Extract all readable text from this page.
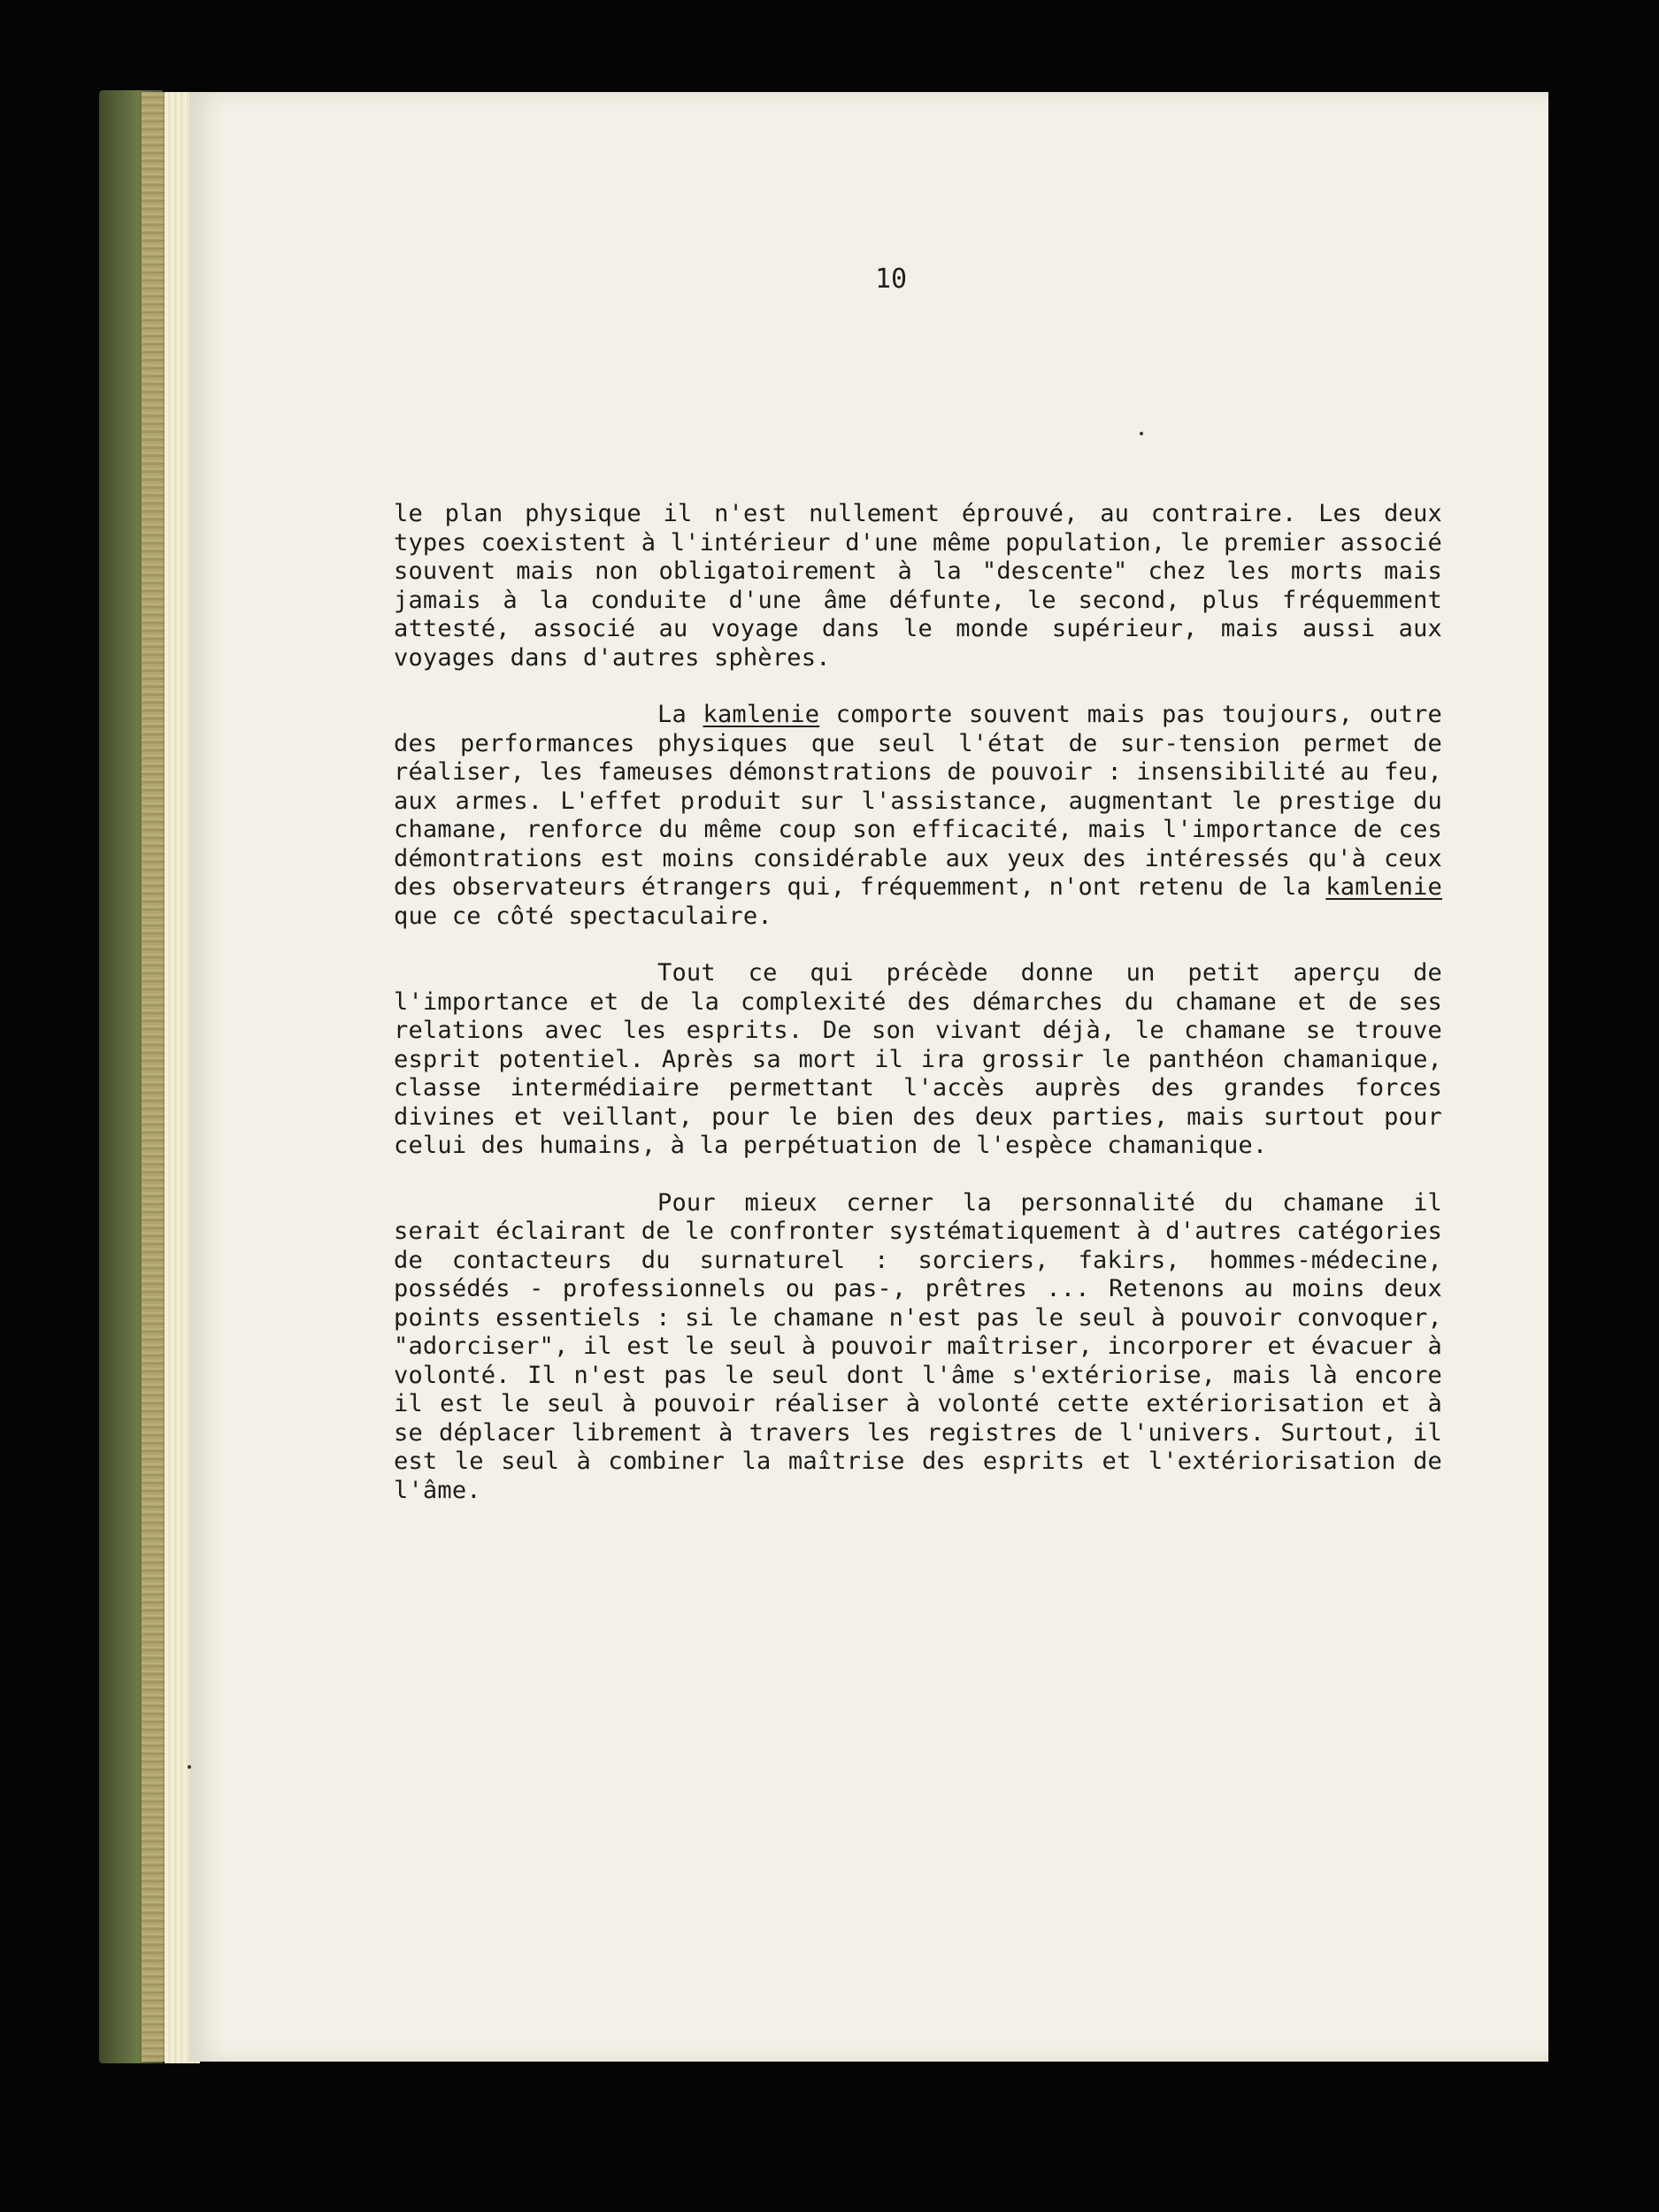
10

le plan physique il n'est nullement éprouvé, au contraire. Les deux types coexistent à l'intérieur d'une même population, le premier associé souvent mais non obligatoirement à la "descente" chez les morts mais jamais à la conduite d'une âme défunte, le second, plus fréquemment attesté, associé au voyage dans le monde supérieur, mais aussi aux voyages dans d'autres sphères.

La kamlenie comporte souvent mais pas toujours, outre des performances physiques que seul l'état de sur-tension permet de réaliser, les fameuses démonstrations de pouvoir : insensibilité au feu, aux armes. L'effet produit sur l'assistance, augmentant le prestige du chamane, renforce du même coup son efficacité, mais l'importance de ces démontrations est moins considérable aux yeux des intéressés qu'à ceux des observateurs étrangers qui, fréquemment, n'ont retenu de la kamlenie que ce côté spectaculaire.

Tout ce qui précède donne un petit aperçu de l'importance et de la complexité des démarches du chamane et de ses relations avec les esprits. De son vivant déjà, le chamane se trouve esprit potentiel. Après sa mort il ira grossir le panthéon chamanique, classe intermédiaire permettant l'accès auprès des grandes forces divines et veillant, pour le bien des deux parties, mais surtout pour celui des humains, à la perpétuation de l'espèce chamanique.

Pour mieux cerner la personnalité du chamane il serait éclairant de le confronter systématiquement à d'autres catégories de contacteurs du surnaturel : sorciers, fakirs, hommes-médecine, possédés - professionnels ou pas-, prêtres ... Retenons au moins deux points essentiels : si le chamane n'est pas le seul à pouvoir convoquer, "adorciser", il est le seul à pouvoir maîtriser, incorporer et évacuer à volonté. Il n'est pas le seul dont l'âme s'extériorise, mais là encore il est le seul à pouvoir réaliser à volonté cette extériorisation et à se déplacer librement à travers les registres de l'univers. Surtout, il est le seul à combiner la maîtrise des esprits et l'extériorisation de l'âme.
